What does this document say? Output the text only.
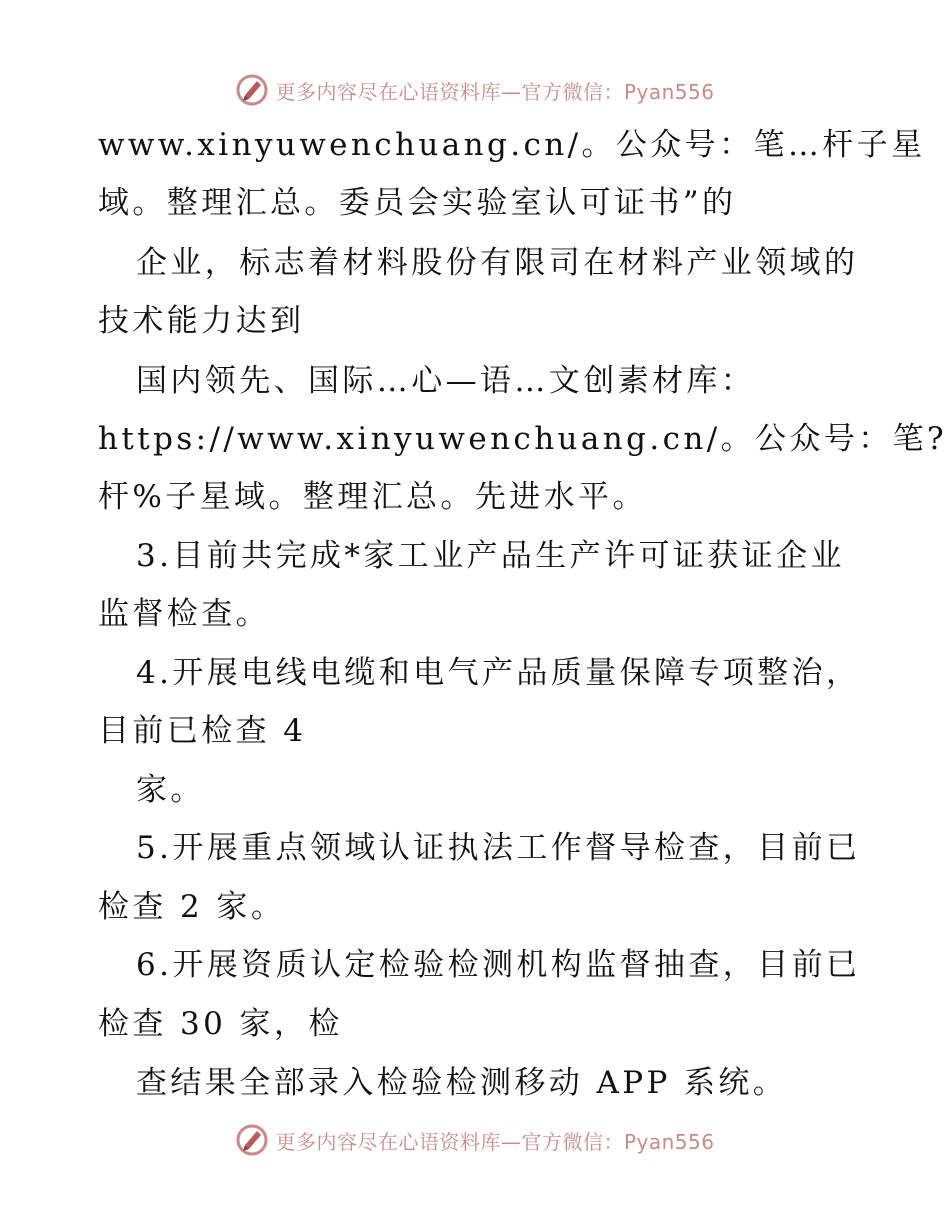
更多内容尽在心语资料库—官方微信：Pyan556
www.xinyuwenchuang.cn/。公众号：笔…杆子星
域。整理汇总。委员会实验室认可证书”的
企业，标志着材料股份有限司在材料产业领域的
技术能力达到
国内领先、国际…心—语…文创素材库：
https://www.xinyuwenchuang.cn/。公众号：笔?
杆%子星域。整理汇总。先进水平。
3.目前共完成*家工业产品生产许可证获证企业
监督检查。
4.开展电线电缆和电气产品质量保障专项整治，
目前已检查 4
家。
5.开展重点领域认证执法工作督导检查，目前已
检查 2 家。
6.开展资质认定检验检测机构监督抽查，目前已
检查 30 家，检
查结果全部录入检验检测移动 APP 系统。
更多内容尽在心语资料库—官方微信：Pyan556
